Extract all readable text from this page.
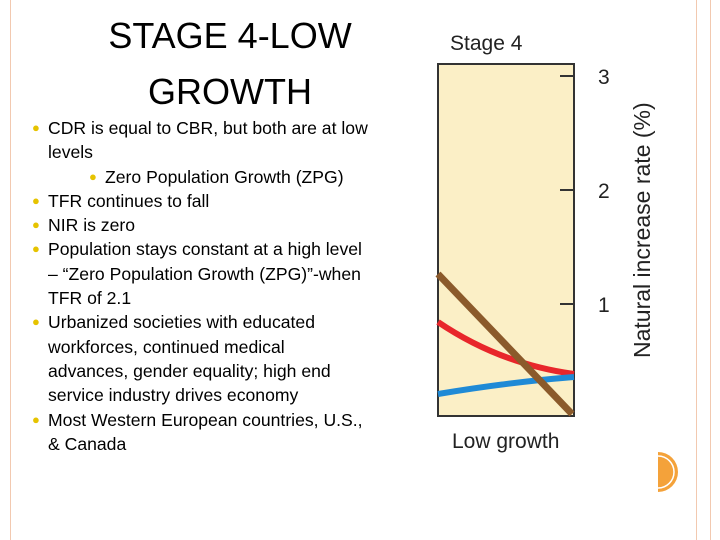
STAGE 4-LOW
GROWTH
● CDR is equal to CBR, but both are at low
levels
● Zero Population Growth (ZPG)
● TFR continues to fall
● NIR is zero
● Population stays constant at a high level
– “Zero Population Growth (ZPG)”-when
TFR of 2.1
● Urbanized societies with educated
workforces, continued medical
advances, gender equality; high end
service industry drives economy
● Most Western European countries, U.S.,
& Canada
Stage 4
3
2
1
Low growth
Natural increase rate (%)
